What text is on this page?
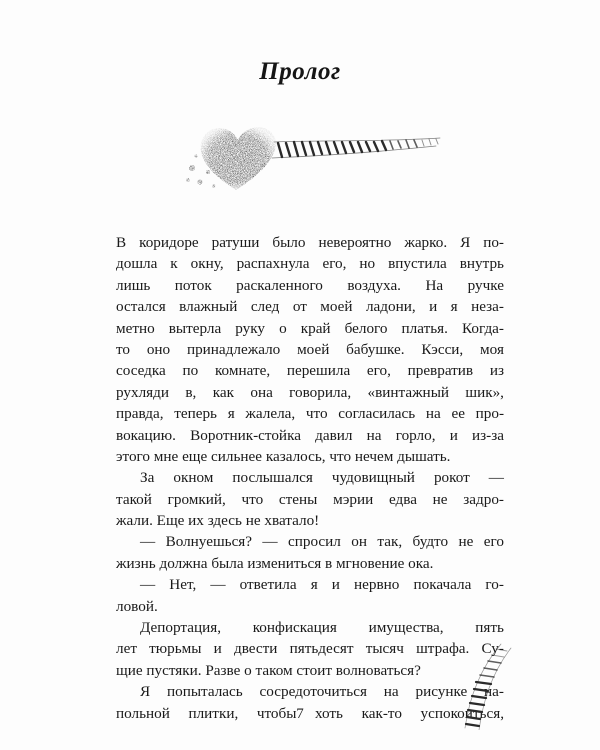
Пролог
В коридоре ратуши было невероятно жарко. Я по-
дошла к окну, распахнула его, но впустила внутрь
лишь поток раскаленного воздуха. На ручке
остался влажный след от моей ладони, и я неза-
метно вытерла руку о край белого платья. Когда-
то оно принадлежало моей бабушке. Кэсси, моя
соседка по комнате, перешила его, превратив из
рухляди в, как она говорила, «винтажный шик»,
правда, теперь я жалела, что согласилась на ее про-
вокацию. Воротник-стойка давил на горло, и из-за
этого мне еще сильнее казалось, что нечем дышать.
За окном послышался чудовищный рокот —
такой громкий, что стены мэрии едва не задро-
жали. Еще их здесь не хватало!
— Волнуешься? — спросил он так, будто не его
жизнь должна была измениться в мгновение ока.
— Нет, — ответила я и нервно покачала го-
ловой.
Депортация, конфискация имущества, пять
лет тюрьмы и двести пятьдесят тысяч штрафа. Су-
щие пустяки. Разве о таком стоит волноваться?
Я попыталась сосредоточиться на рисунке на-
польной плитки, чтобы хоть как-то успокоиться,
7
